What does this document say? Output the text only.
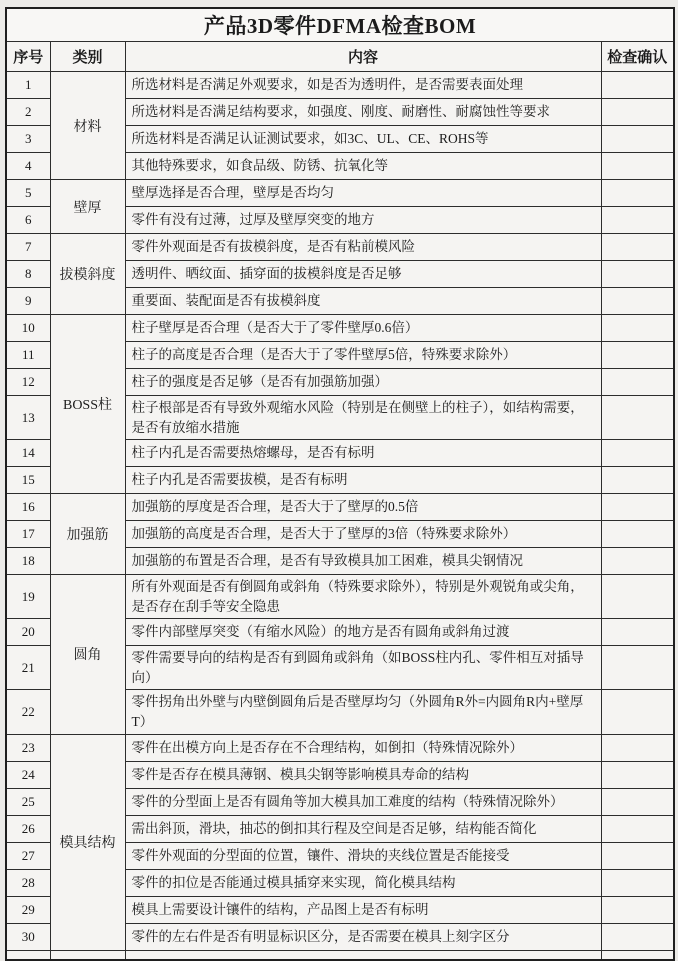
产品3D零件DFMA检查BOM			
序号	类别	内容	检查确认
1	材料	所选材料是否满足外观要求，如是否为透明件，是否需要表面处理	
2		所选材料是否满足结构要求，如强度、刚度、耐磨性、耐腐蚀性等要求	
3		所选材料是否满足认证测试要求，如3C、UL、CE、ROHS等	
4		其他特殊要求，如食品级、防锈、抗氧化等	
5	壁厚	壁厚选择是否合理，壁厚是否均匀	
6		零件有没有过薄，过厚及壁厚突变的地方	
7	拔模斜度	零件外观面是否有拔模斜度，是否有粘前模风险	
8		透明件、晒纹面、插穿面的拔模斜度是否足够	
9		重要面、装配面是否有拔模斜度	
10	BOSS柱	柱子壁厚是否合理（是否大于了零件壁厚0.6倍）	
11		柱子的高度是否合理（是否大于了零件壁厚5倍，特殊要求除外）	
12		柱子的强度是否足够（是否有加强筋加强）	
13		柱子根部是否有导致外观缩水风险（特别是在侧壁上的柱子），如结构需要，是否有放缩水措施	
14		柱子内孔是否需要热熔螺母，是否有标明	
15		柱子内孔是否需要拔模，是否有标明	
16	加强筋	加强筋的厚度是否合理，是否大于了壁厚的0.5倍	
17		加强筋的高度是否合理，是否大于了壁厚的3倍（特殊要求除外）	
18		加强筋的布置是否合理，是否有导致模具加工困难，模具尖钢情况	
19	圆角	所有外观面是否有倒圆角或斜角（特殊要求除外），特别是外观锐角或尖角，是否存在刮手等安全隐患	
20		零件内部壁厚突变（有缩水风险）的地方是否有圆角或斜角过渡	
21		零件需要导向的结构是否有到圆角或斜角（如BOSS柱内孔、零件相互对插导向）	
22		零件拐角出外壁与内壁倒圆角后是否壁厚均匀（外圆角R外=内圆角R内+壁厚T）	
23	模具结构	零件在出模方向上是否存在不合理结构，如倒扣（特殊情况除外）	
24		零件是否存在模具薄钢、模具尖钢等影响模具寿命的结构	
25		零件的分型面上是否有圆角等加大模具加工难度的结构（特殊情况除外）	
26		需出斜顶，滑块，抽芯的倒扣其行程及空间是否足够，结构能否简化	
27		零件外观面的分型面的位置，镶件、滑块的夹线位置是否能接受	
28		零件的扣位是否能通过模具插穿来实现，简化模具结构	
29		模具上需要设计镶件的结构，产品图上是否有标明	
30		零件的左右件是否有明显标识区分，是否需要在模具上刻字区分	
